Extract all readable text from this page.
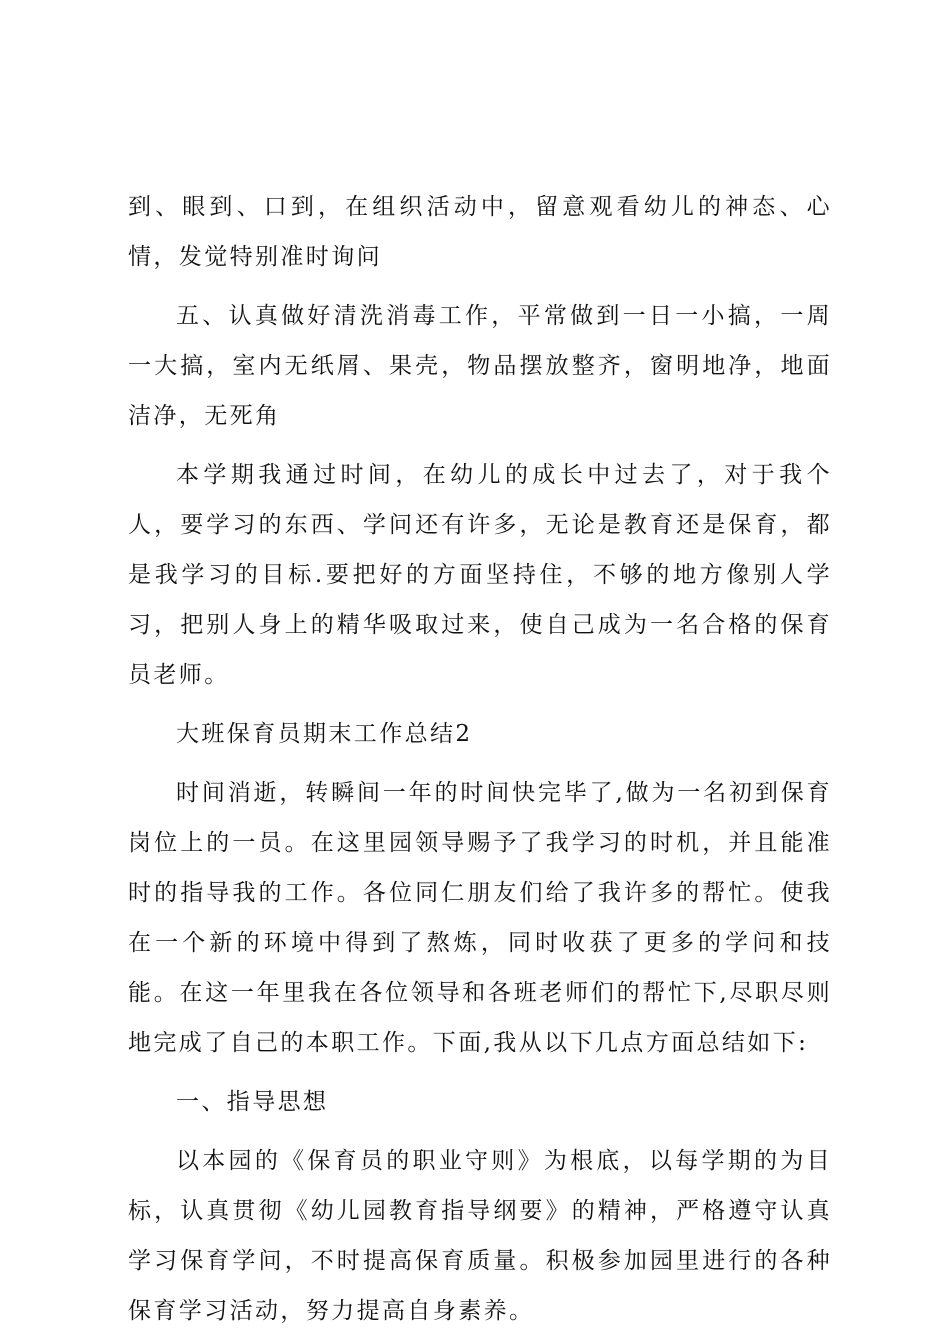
到、眼到、口到，在组织活动中，留意观看幼儿的神态、心情，发觉特别准时询问

五、认真做好清洗消毒工作，平常做到一日一小搞，一周一大搞，室内无纸屑、果壳，物品摆放整齐，窗明地净，地面洁净，无死角

本学期我通过时间，在幼儿的成长中过去了，对于我个人，要学习的东西、学问还有许多，无论是教育还是保育，都是我学习的目标.要把好的方面坚持住，不够的地方像别人学习，把别人身上的精华吸取过来，使自己成为一名合格的保育员老师。

大班保育员期末工作总结2

时间消逝，转瞬间一年的时间快完毕了,做为一名初到保育岗位上的一员。在这里园领导赐予了我学习的时机，并且能准时的指导我的工作。各位同仁朋友们给了我许多的帮忙。使我在一个新的环境中得到了熬炼，同时收获了更多的学问和技能。在这一年里我在各位领导和各班老师们的帮忙下,尽职尽则地完成了自己的本职工作。下面,我从以下几点方面总结如下:

一、指导思想

以本园的《保育员的职业守则》为根底，以每学期的为目标，认真贯彻《幼儿园教育指导纲要》的精神，严格遵守认真学习保育学问，不时提高保育质量。积极参加园里进行的各种保育学习活动，努力提高自身素养。
